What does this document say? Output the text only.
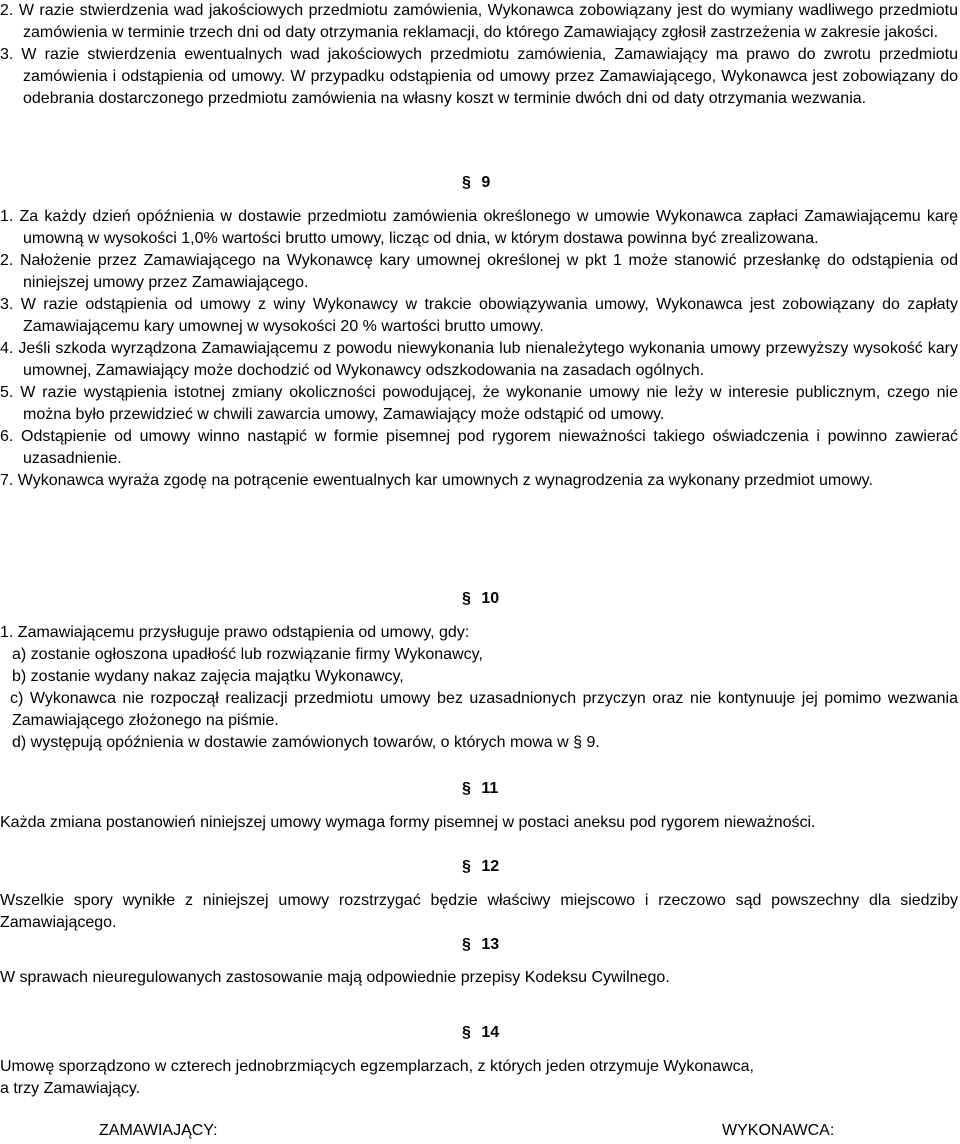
2. W razie stwierdzenia wad jakościowych przedmiotu zamówienia, Wykonawca zobowiązany jest do wymiany wadliwego przedmiotu zamówienia w terminie trzech dni od daty otrzymania reklamacji, do którego Zamawiający zgłosił zastrzeżenia w zakresie jakości.

3. W razie stwierdzenia ewentualnych wad jakościowych przedmiotu zamówienia, Zamawiający ma prawo do zwrotu przedmiotu zamówienia i odstąpienia od umowy. W przypadku odstąpienia od umowy przez Zamawiającego, Wykonawca jest zobowiązany do odebrania dostarczonego przedmiotu zamówienia na własny koszt w terminie dwóch dni od daty otrzymania wezwania.

§ 9

1. Za każdy dzień opóźnienia w dostawie przedmiotu zamówienia określonego w umowie Wykonawca zapłaci Zamawiającemu karę umowną w wysokości 1,0% wartości brutto umowy, licząc od dnia, w którym dostawa powinna być zrealizowana.

2. Nałożenie przez Zamawiającego na Wykonawcę kary umownej określonej w pkt 1 może stanowić przesłankę do odstąpienia od niniejszej umowy przez Zamawiającego.

3. W razie odstąpienia od umowy z winy Wykonawcy w trakcie obowiązywania umowy, Wykonawca jest zobowiązany do zapłaty Zamawiającemu kary umownej w wysokości 20 % wartości brutto umowy.

4. Jeśli szkoda wyrządzona Zamawiającemu z powodu niewykonania lub nienależytego wykonania umowy przewyższy wysokość kary umownej, Zamawiający może dochodzić od Wykonawcy odszkodowania na zasadach ogólnych.

5. W razie wystąpienia istotnej zmiany okoliczności powodującej, że wykonanie umowy nie leży w interesie publicznym, czego nie można było przewidzieć w chwili zawarcia umowy, Zamawiający może odstąpić od umowy.

6. Odstąpienie od umowy winno nastąpić w formie pisemnej pod rygorem nieważności takiego oświadczenia i powinno zawierać uzasadnienie.

7. Wykonawca wyraża zgodę na potrącenie ewentualnych kar umownych z wynagrodzenia za wykonany przedmiot umowy.

§ 10

1. Zamawiającemu przysługuje prawo odstąpienia od umowy, gdy:

a) zostanie ogłoszona upadłość lub rozwiązanie firmy Wykonawcy,

b) zostanie wydany nakaz zajęcia majątku Wykonawcy,

c) Wykonawca nie rozpoczął realizacji przedmiotu umowy bez uzasadnionych przyczyn oraz nie kontynuuje jej pomimo wezwania Zamawiającego złożonego na piśmie.

d) występują opóźnienia w dostawie zamówionych towarów, o których mowa w § 9.

§ 11

Każda zmiana postanowień niniejszej umowy wymaga formy pisemnej w postaci aneksu pod rygorem nieważności.

§ 12

Wszelkie spory wynikłe z niniejszej umowy rozstrzygać będzie właściwy miejscowo i rzeczowo sąd powszechny dla siedziby Zamawiającego.

§ 13

W sprawach nieuregulowanych zastosowanie mają odpowiednie przepisy Kodeksu Cywilnego.

§ 14

Umowę sporządzono w czterech jednobrzmiących egzemplarzach, z których jeden otrzymuje Wykonawca,

a trzy Zamawiający.

ZAMAWIAJĄCY:	WYKONAWCA:
